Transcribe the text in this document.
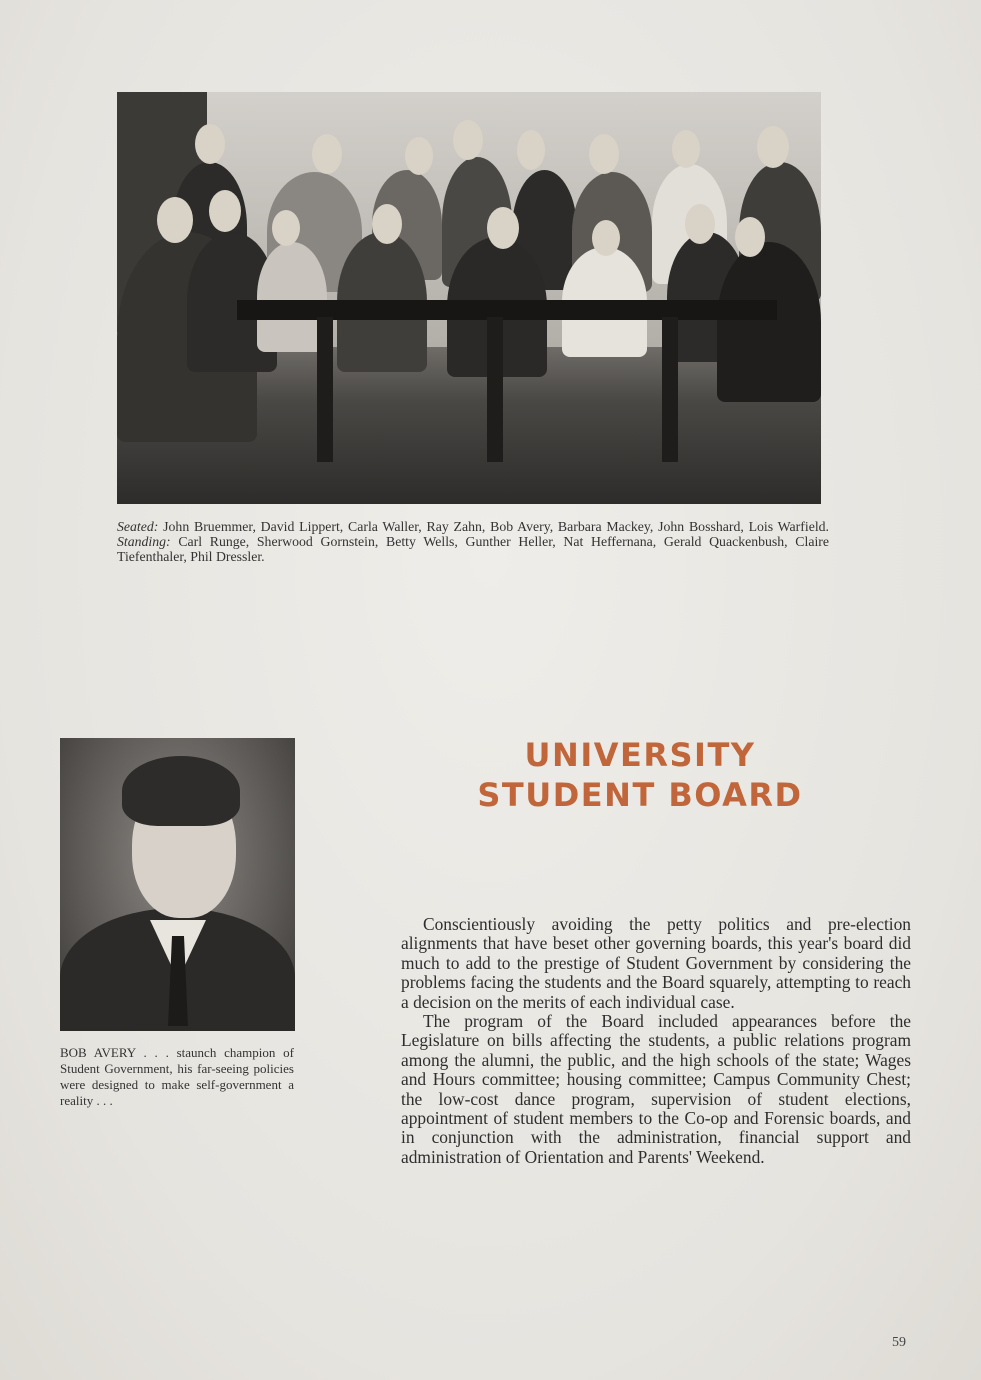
Seated: John Bruemmer, David Lippert, Carla Waller, Ray Zahn, Bob Avery, Barbara Mackey, John Bosshard, Lois Warfield. Standing: Carl Runge, Sherwood Gornstein, Betty Wells, Gunther Heller, Nat Heffernana, Gerald Quackenbush, Claire Tiefenthaler, Phil Dressler.
BOB AVERY . . . staunch champion of Student Government, his far-seeing policies were designed to make self-government a reality . . .
UNIVERSITY
STUDENT BOARD

Conscientiously avoiding the petty politics and pre-election alignments that have beset other governing boards, this year's board did much to add to the prestige of Student Government by considering the problems facing the students and the Board squarely, attempting to reach a decision on the merits of each individual case.

The program of the Board included appearances before the Legislature on bills affecting the students, a public relations program among the alumni, the public, and the high schools of the state; Wages and Hours committee; housing committee; Campus Community Chest; the low-cost dance program, supervision of student elections, appointment of student members to the Co-op and Forensic boards, and in conjunction with the administration, financial support and administration of Orientation and Parents' Weekend.

59
